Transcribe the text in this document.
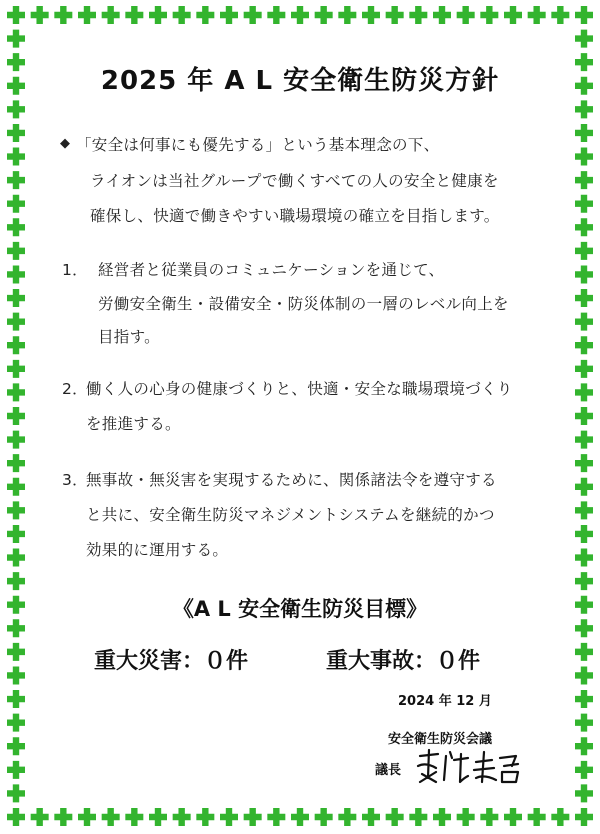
2025 年 A L 安全衛生防災方針
◆ 「安全は何事にも優先する」という基本理念の下、
ライオンは当社グループで働くすべての人の安全と健康を
確保し、快適で働きやすい職場環境の確立を目指します。
1． 経営者と従業員のコミュニケーションを通じて、
労働安全衛生・設備安全・防災体制の一層のレベル向上を
目指す。
2．
働く人の心身の健康づくりと、快適・安全な職場環境づくり
を推進する。
3．
無事故・無災害を実現するために、関係諸法令を遵守する
と共に、安全衛生防災マネジメントシステムを継続的かつ
効果的に運用する。
《A L 安全衛生防災目標》
重大災害：０件	重大事故：０件
2024 年 12 月
安全衛生防災会議
議長
